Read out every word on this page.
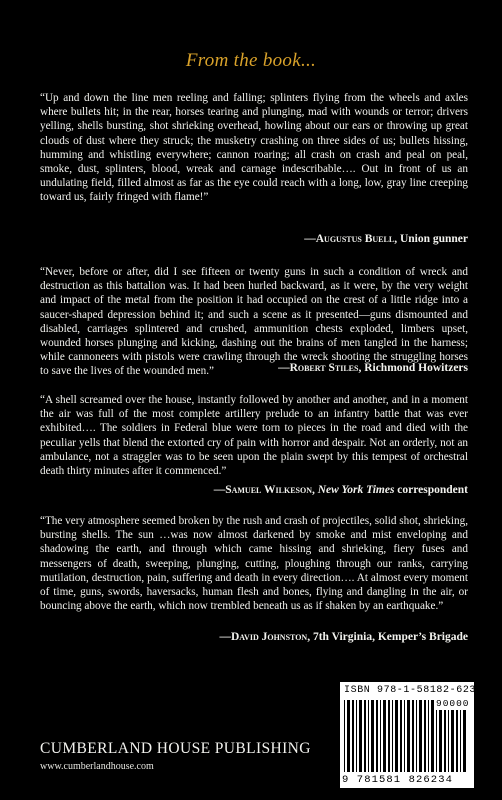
From the book...
“Up and down the line men reeling and falling; splinters flying from the wheels and axles where bullets hit; in the rear, horses tearing and plunging, mad with wounds or terror; drivers yelling, shells bursting, shot shrieking overhead, howling about our ears or throwing up great clouds of dust where they struck; the musketry crashing on three sides of us; bullets hissing, humming and whistling everywhere; cannon roaring; all crash on crash and peal on peal, smoke, dust, splinters, blood, wreak and carnage indescribable…. Out in front of us an undulating field, filled almost as far as the eye could reach with a long, low, gray line creeping toward us, fairly fringed with flame!”
—Augustus Buell, Union gunner
“Never, before or after, did I see fifteen or twenty guns in such a condition of wreck and destruction as this battalion was. It had been hurled backward, as it were, by the very weight and impact of the metal from the position it had occupied on the crest of a little ridge into a saucer-shaped depression behind it; and such a scene as it presented—guns dismounted and disabled, carriages splintered and crushed, ammunition chests exploded, limbers upset, wounded horses plunging and kicking, dashing out the brains of men tangled in the harness; while cannoneers with pistols were crawling through the wreck shooting the struggling horses to save the lives of the wounded men.”	—Robert Stiles, Richmond Howitzers
“A shell screamed over the house, instantly followed by another and another, and in a moment the air was full of the most complete artillery prelude to an infantry battle that was ever exhibited…. The soldiers in Federal blue were torn to pieces in the road and died with the peculiar yells that blend the extorted cry of pain with horror and despair. Not an orderly, not an ambulance, not a straggler was to be seen upon the plain swept by this tempest of orchestral death thirty minutes after it commenced.”
—Samuel Wilkeson, New York Times correspondent
“The very atmosphere seemed broken by the rush and crash of projectiles, solid shot, shrieking, bursting shells. The sun …was now almost darkened by smoke and mist enveloping and shadowing the earth, and through which came hissing and shrieking, fiery fuses and messengers of death, sweeping, plunging, cutting, ploughing through our ranks, carrying mutilation, destruction, pain, suffering and death in every direction…. At almost every moment of time, guns, swords, haversacks, human flesh and bones, flying and dangling in the air, or bouncing above the earth, which now trembled beneath us as if shaken by an earthquake.”
—David Johnston, 7th Virginia, Kemper’s Brigade
CUMBERLAND HOUSE PUBLISHING
www.cumberlandhouse.com
ISBN 978-1-58182-623-4
90000
9 781581 826234
